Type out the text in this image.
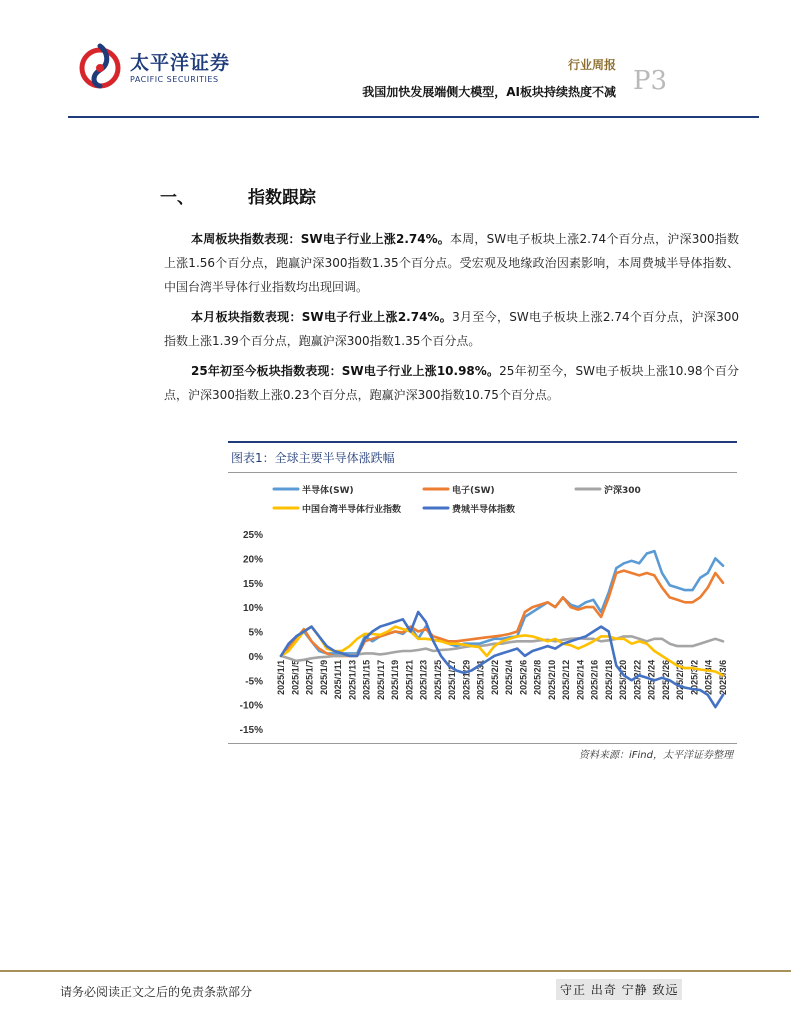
太平洋证券
PACIFIC SECURITIES
行业周报
我国加快发展端侧大模型，AI板块持续热度不减 P3
一、	指数跟踪

本周板块指数表现：SW电子行业上涨2.74%。本周，SW电子板块上涨2.74个百分点，沪深300指数上涨1.56个百分点，跑赢沪深300指数1.35个百分点。受宏观及地缘政治因素影响，本周费城半导体指数、中国台湾半导体行业指数均出现回调。

本月板块指数表现：SW电子行业上涨2.74%。3月至今，SW电子板块上涨2.74个百分点，沪深300指数上涨1.39个百分点，跑赢沪深300指数1.35个百分点。

25年初至今板块指数表现：SW电子行业上涨10.98%。25年初至今，SW电子板块上涨10.98个百分点，沪深300指数上涨0.23个百分点，跑赢沪深300指数10.75个百分点。

图表1：全球主要半导体涨跌幅
半导体(SW)	电子(SW)	沪深300
中国台湾半导体行业指数	费城半导体指数
-15%
-10%
-5%
0%
5%
10%
15%
20%
25%
2025/1/1 2025/1/5 2025/1/7 2025/1/9 2025/1/11 2025/1/13 2025/1/15 2025/1/17 2025/1/19 2025/1/21 2025/1/23 2025/1/25 2025/1/27 2025/1/29 2025/1/31 2025/2/2 2025/2/4 2025/2/6 2025/2/8 2025/2/10 2025/2/12 2025/2/14 2025/2/16 2025/2/18 2025/2/20 2025/2/22 2025/2/24 2025/2/26 2025/2/28 2025/3/2 2025/3/4 2025/3/6
资料来源：iFind，太平洋证券整理
请务必阅读正文之后的免责条款部分	守正 出奇 宁静 致远
